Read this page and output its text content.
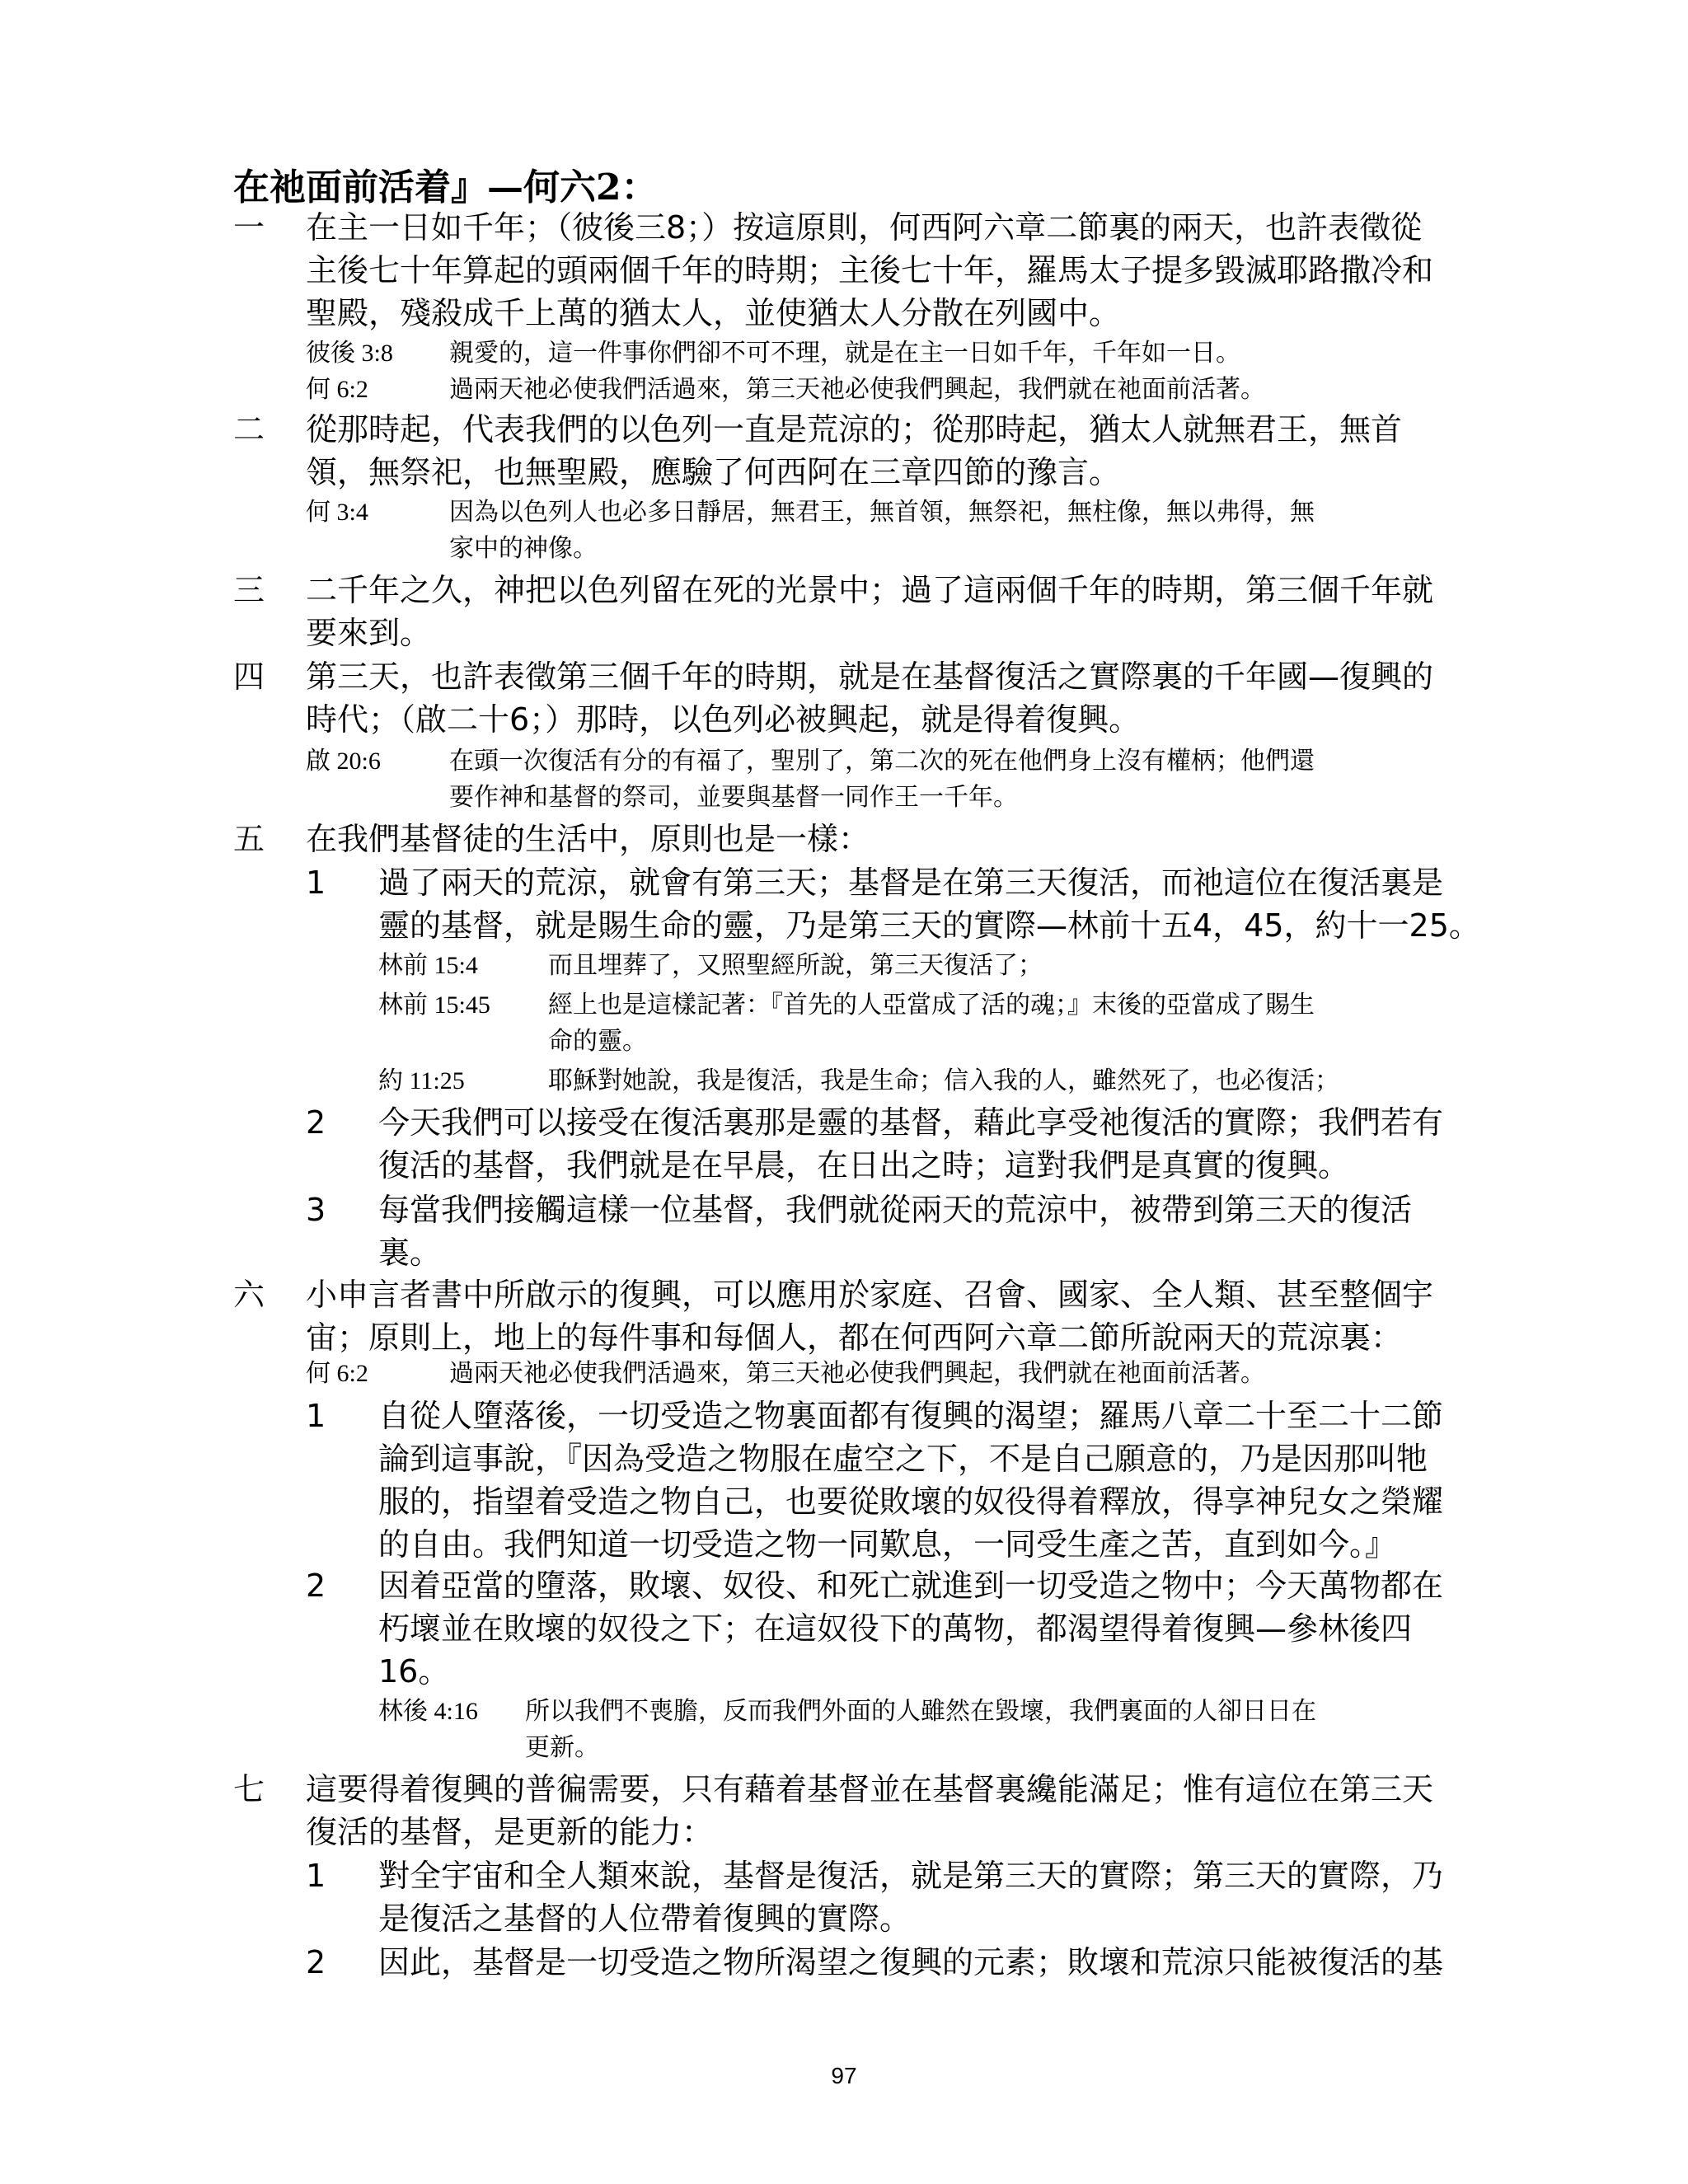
在祂面前活着』—何六2：
一 在主一日如千年；（彼後三8；）按這原則，何西阿六章二節裏的兩天，也許表徵從
主後七十年算起的頭兩個千年的時期；主後七十年，羅馬太子提多毀滅耶路撒冷和
聖殿，殘殺成千上萬的猶太人，並使猶太人分散在列國中。
彼後 3:8 親愛的，這一件事你們卻不可不理，就是在主一日如千年，千年如一日。
何 6:2	過兩天祂必使我們活過來，第三天祂必使我們興起，我們就在祂面前活著。
二 從那時起，代表我們的以色列一直是荒涼的；從那時起，猶太人就無君王，無首
領，無祭祀，也無聖殿，應驗了何西阿在三章四節的豫言。
何 3:4	因為以色列人也必多日靜居，無君王，無首領，無祭祀，無柱像，無以弗得，無
家中的神像。
三 二千年之久，神把以色列留在死的光景中；過了這兩個千年的時期，第三個千年就
要來到。
四 第三天，也許表徵第三個千年的時期，就是在基督復活之實際裏的千年國—復興的
時代；（啟二十6；）那時，以色列必被興起，就是得着復興。
啟 20:6	在頭一次復活有分的有福了，聖別了，第二次的死在他們身上沒有權柄；他們還
要作神和基督的祭司，並要與基督一同作王一千年。
五 在我們基督徒的生活中，原則也是一樣：
1 過了兩天的荒涼，就會有第三天；基督是在第三天復活，而祂這位在復活裏是
靈的基督，就是賜生命的靈，乃是第三天的實際—林前十五4，45，約十一25。
林前 15:4	而且埋葬了，又照聖經所說，第三天復活了；
林前 15:45 經上也是這樣記著：『首先的人亞當成了活的魂；』末後的亞當成了賜生
命的靈。
約 11:25	耶穌對她說，我是復活，我是生命；信入我的人，雖然死了，也必復活；
2 今天我們可以接受在復活裏那是靈的基督，藉此享受祂復活的實際；我們若有
復活的基督，我們就是在早晨，在日出之時；這對我們是真實的復興。
3 每當我們接觸這樣一位基督，我們就從兩天的荒涼中，被帶到第三天的復活
裏。
六 小申言者書中所啟示的復興，可以應用於家庭、召會、國家、全人類、甚至整個宇
宙；原則上，地上的每件事和每個人，都在何西阿六章二節所說兩天的荒涼裏：
何 6:2	過兩天祂必使我們活過來，第三天祂必使我們興起，我們就在祂面前活著。
1 自從人墮落後，一切受造之物裏面都有復興的渴望；羅馬八章二十至二十二節
論到這事說，『因為受造之物服在虛空之下，不是自己願意的，乃是因那叫牠
服的，指望着受造之物自己，也要從敗壞的奴役得着釋放，得享神兒女之榮耀
的自由。我們知道一切受造之物一同歎息，一同受生產之苦，直到如今。』
2 因着亞當的墮落，敗壞、奴役、和死亡就進到一切受造之物中；今天萬物都在
朽壞並在敗壞的奴役之下；在這奴役下的萬物，都渴望得着復興—參林後四
16。
林後 4:16 所以我們不喪膽，反而我們外面的人雖然在毀壞，我們裏面的人卻日日在
更新。
七 這要得着復興的普徧需要，只有藉着基督並在基督裏纔能滿足；惟有這位在第三天
復活的基督，是更新的能力：
1 對全宇宙和全人類來說，基督是復活，就是第三天的實際；第三天的實際，乃
是復活之基督的人位帶着復興的實際。
2 因此，基督是一切受造之物所渴望之復興的元素；敗壞和荒涼只能被復活的基
97
